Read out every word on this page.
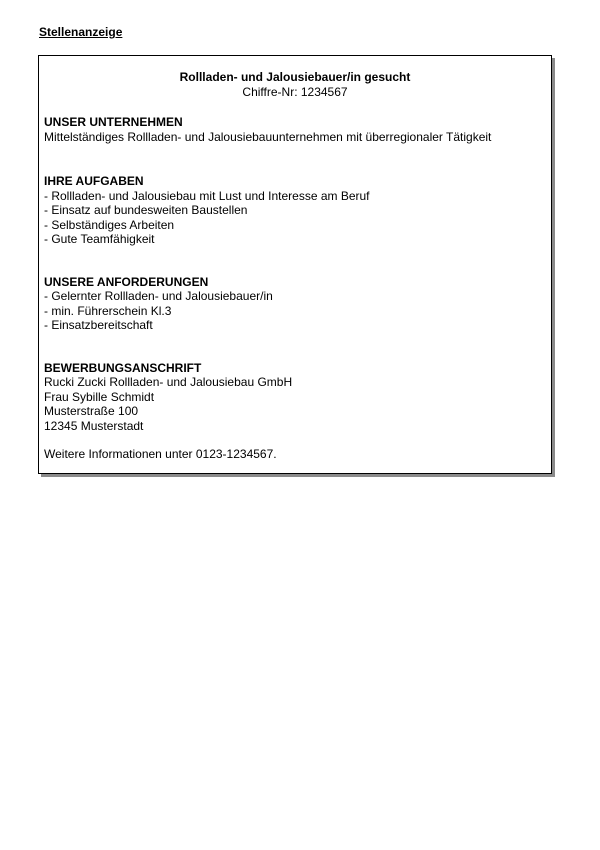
Stellenanzeige
Rollladen- und Jalousiebauer/in gesucht
Chiffre-Nr: 1234567
UNSER UNTERNEHMEN
Mittelständiges Rollladen- und Jalousiebauunternehmen mit überregionaler Tätigkeit
IHRE AUFGABEN
- Rollladen- und Jalousiebau mit Lust und Interesse am Beruf
- Einsatz auf bundesweiten Baustellen
- Selbständiges Arbeiten
- Gute Teamfähigkeit
UNSERE ANFORDERUNGEN
- Gelernter Rollladen- und Jalousiebauer/in
- min. Führerschein Kl.3
- Einsatzbereitschaft
BEWERBUNGSANSCHRIFT
Rucki Zucki Rollladen- und Jalousiebau GmbH
Frau Sybille Schmidt
Musterstraße 100
12345 Musterstadt
Weitere Informationen unter 0123-1234567.
